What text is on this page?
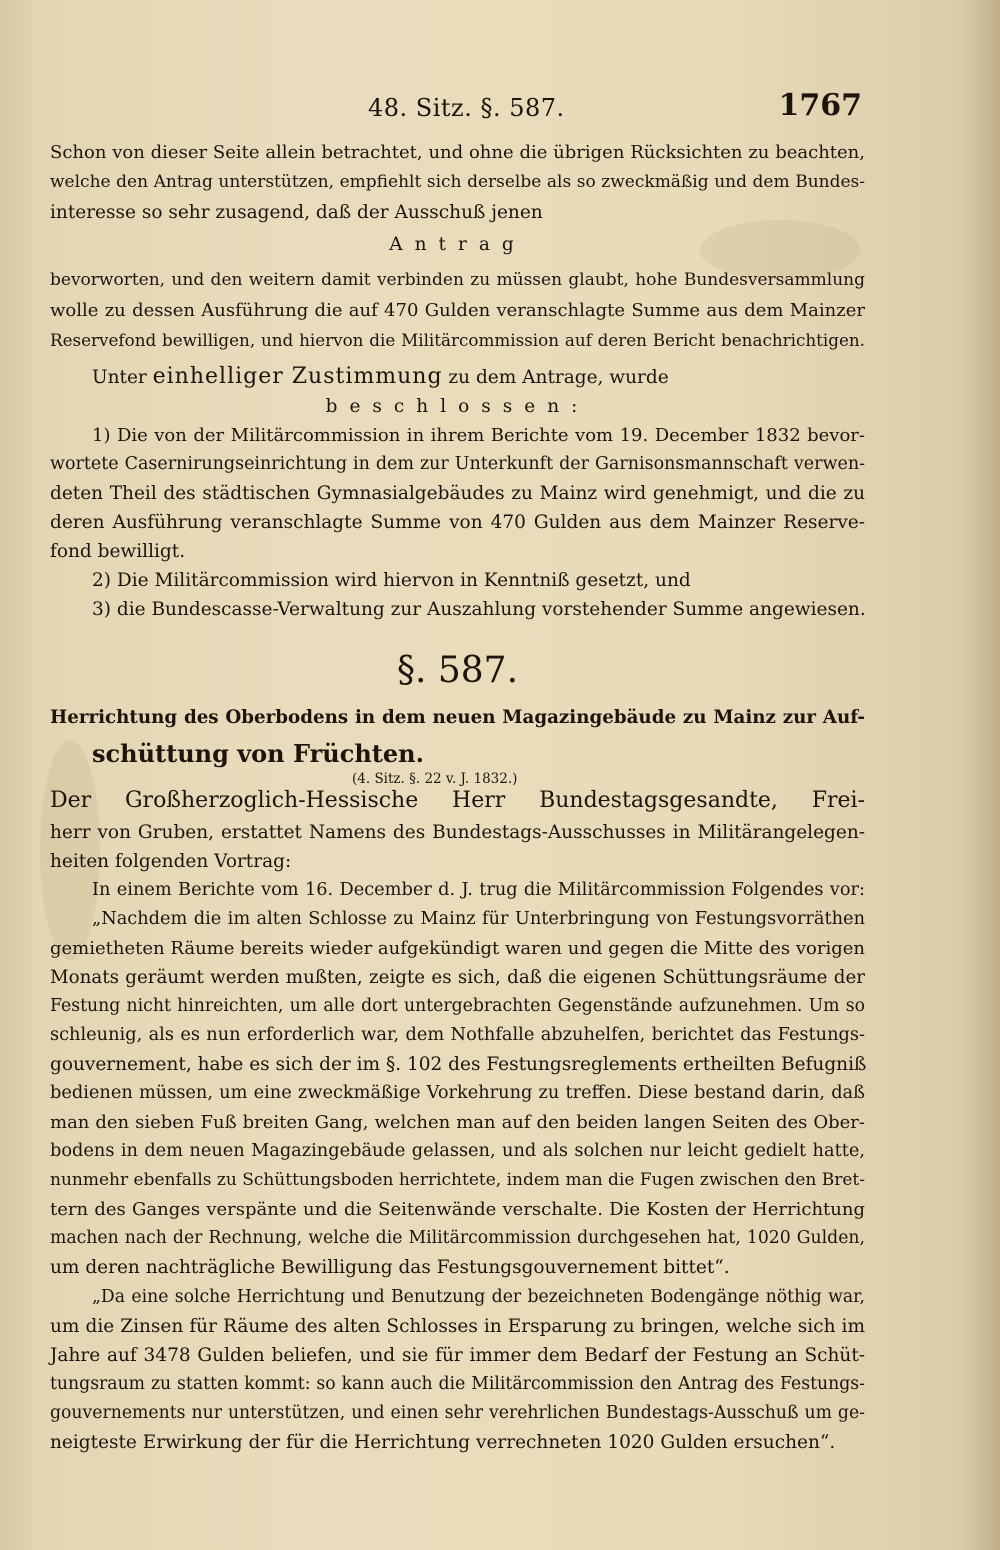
48. Sitz. §. 587.	1767
Schon von dieser Seite allein betrachtet, und ohne die übrigen Rücksichten zu beachten,
welche den Antrag unterstützen, empfiehlt sich derselbe als so zweckmäßig und dem Bundes-
interesse so sehr zusagend, daß der Ausschuß jenen
Antrag
bevorworten, und den weitern damit verbinden zu müssen glaubt, hohe Bundesversammlung
wolle zu dessen Ausführung die auf 470 Gulden veranschlagte Summe aus dem Mainzer
Reservefond bewilligen, und hiervon die Militärcommission auf deren Bericht benachrichtigen.
Unter einhelliger Zustimmung zu dem Antrage, wurde
beschlossen:
1) Die von der Militärcommission in ihrem Berichte vom 19. December 1832 bevor-
wortete Casernirungseinrichtung in dem zur Unterkunft der Garnisonsmannschaft verwen-
deten Theil des städtischen Gymnasialgebäudes zu Mainz wird genehmigt, und die zu
deren Ausführung veranschlagte Summe von 470 Gulden aus dem Mainzer Reserve-
fond bewilligt.
2) Die Militärcommission wird hiervon in Kenntniß gesetzt, und
3) die Bundescasse-Verwaltung zur Auszahlung vorstehender Summe angewiesen.
§. 587.
Herrichtung des Oberbodens in dem neuen Magazingebäude zu Mainz zur Auf-
schüttung von Früchten.
(4. Sitz. §. 22 v. J. 1832.)
Der Großherzoglich-Hessische Herr Bundestagsgesandte, Frei-
herr von Gruben, erstattet Namens des Bundestags-Ausschusses in Militärangelegen-
heiten folgenden Vortrag:
In einem Berichte vom 16. December d. J. trug die Militärcommission Folgendes vor:
„Nachdem die im alten Schlosse zu Mainz für Unterbringung von Festungsvorräthen
gemietheten Räume bereits wieder aufgekündigt waren und gegen die Mitte des vorigen
Monats geräumt werden mußten, zeigte es sich, daß die eigenen Schüttungsräume der
Festung nicht hinreichten, um alle dort untergebrachten Gegenstände aufzunehmen. Um so
schleunig, als es nun erforderlich war, dem Nothfalle abzuhelfen, berichtet das Festungs-
gouvernement, habe es sich der im §. 102 des Festungsreglements ertheilten Befugniß
bedienen müssen, um eine zweckmäßige Vorkehrung zu treffen. Diese bestand darin, daß
man den sieben Fuß breiten Gang, welchen man auf den beiden langen Seiten des Ober-
bodens in dem neuen Magazingebäude gelassen, und als solchen nur leicht gedielt hatte,
nunmehr ebenfalls zu Schüttungsboden herrichtete, indem man die Fugen zwischen den Bret-
tern des Ganges verspänte und die Seitenwände verschalte. Die Kosten der Herrichtung
machen nach der Rechnung, welche die Militärcommission durchgesehen hat, 1020 Gulden,
um deren nachträgliche Bewilligung das Festungsgouvernement bittet“.
„Da eine solche Herrichtung und Benutzung der bezeichneten Bodengänge nöthig war,
um die Zinsen für Räume des alten Schlosses in Ersparung zu bringen, welche sich im
Jahre auf 3478 Gulden beliefen, und sie für immer dem Bedarf der Festung an Schüt-
tungsraum zu statten kommt: so kann auch die Militärcommission den Antrag des Festungs-
gouvernements nur unterstützen, und einen sehr verehrlichen Bundestags-Ausschuß um ge-
neigteste Erwirkung der für die Herrichtung verrechneten 1020 Gulden ersuchen“.
